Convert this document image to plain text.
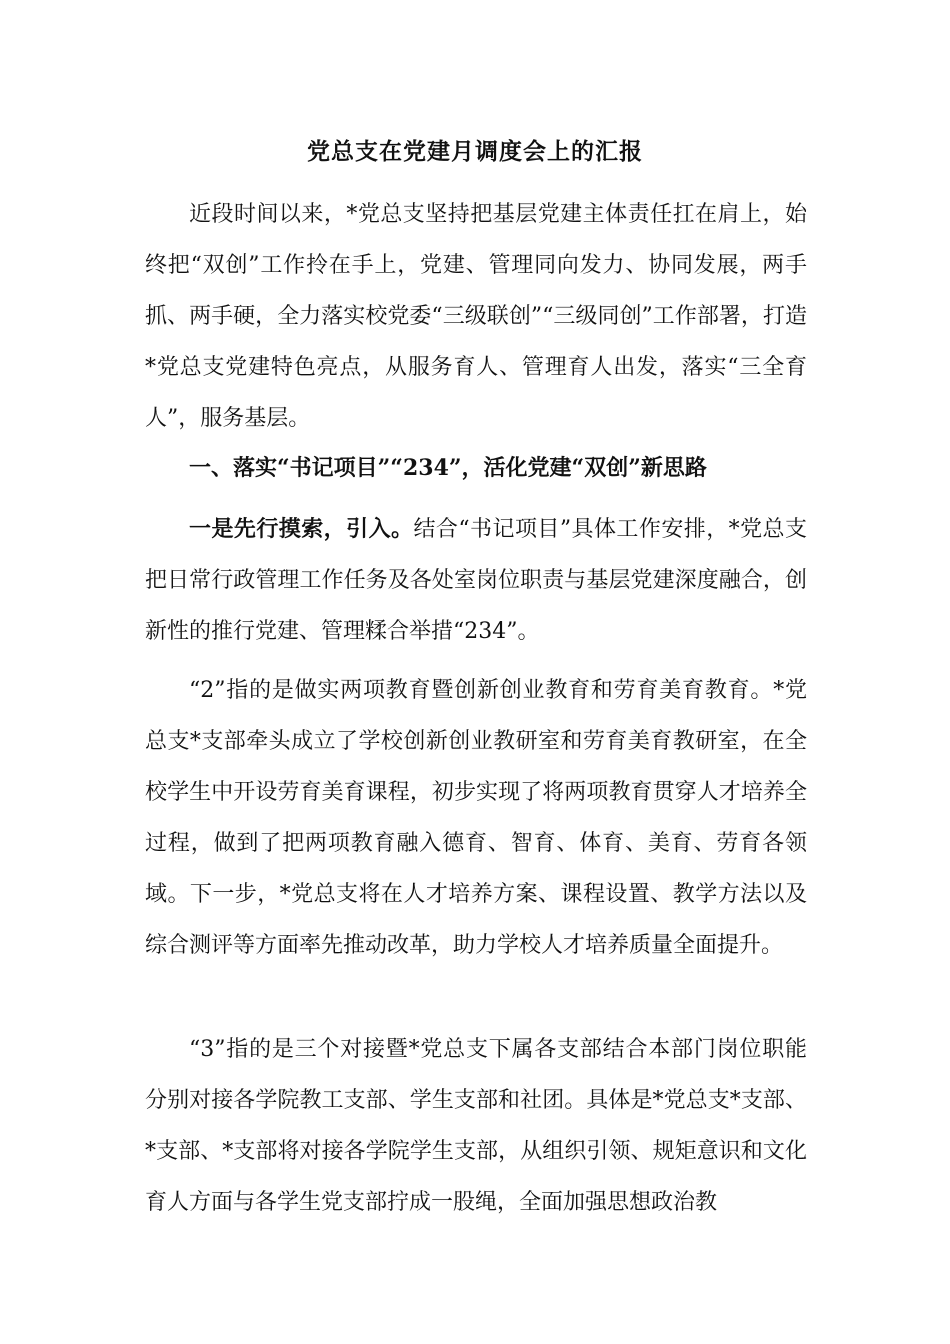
党总支在党建月调度会上的汇报

近段时间以来，*党总支坚持把基层党建主体责任扛在肩上，始终把“双创”工作拎在手上，党建、管理同向发力、协同发展，两手抓、两手硬，全力落实校党委“三级联创”“三级同创”工作部署，打造*党总支党建特色亮点，从服务育人、管理育人出发，落实“三全育人”，服务基层。

一、落实“书记项目”“234”，活化党建“双创”新思路

一是先行摸索，引入。结合“书记项目”具体工作安排，*党总支把日常行政管理工作任务及各处室岗位职责与基层党建深度融合，创新性的推行党建、管理糅合举措“234”。

“2”指的是做实两项教育暨创新创业教育和劳育美育教育。*党总支*支部牵头成立了学校创新创业教研室和劳育美育教研室，在全校学生中开设劳育美育课程，初步实现了将两项教育贯穿人才培养全过程，做到了把两项教育融入德育、智育、体育、美育、劳育各领域。下一步，*党总支将在人才培养方案、课程设置、教学方法以及综合测评等方面率先推动改革，助力学校人才培养质量全面提升。

“3”指的是三个对接暨*党总支下属各支部结合本部门岗位职能分别对接各学院教工支部、学生支部和社团。具体是*党总支*支部、*支部、*支部将对接各学院学生支部，从组织引领、规矩意识和文化育人方面与各学生党支部拧成一股绳，全面加强思想政治教
